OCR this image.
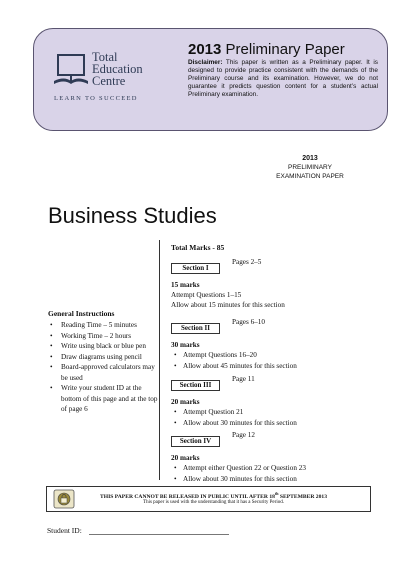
Total
Education
Centre
LEARN TO SUCCEED
2013 Preliminary Paper
Disclaimer: This paper is written as a Preliminary paper. It is designed to provide practice consistent with the demands of the Preliminary course and its examination. However, we do not guarantee it predicts question content for a student’s actual Preliminary examination.
2013
PRELIMINARY
EXAMINATION PAPER
Business Studies
General Instructions
• Reading Time – 5 minutes
• Working Time – 2 hours
• Write using black or blue pen
• Draw diagrams using pencil
• Board-approved calculators may be used
• Write your student ID at the bottom of this page and at the top of page 6
Total Marks - 85
Section I
Pages 2–5
15 marks
Attempt Questions 1–15
Allow about 15 minutes for this section
Section II
Pages 6–10
30 marks
• Attempt Questions 16–20
• Allow about 45 minutes for this section
Section III
Page 11
20 marks
• Attempt Question 21
• Allow about 30 minutes for this section
Section IV
Page 12
20 marks
• Attempt either Question 22 or Question 23
• Allow about 30 minutes for this section
THIS PAPER CANNOT BE RELEASED IN PUBLIC UNTIL AFTER 18th SEPTEMBER 2013
This paper is used with the understanding that it has a Security Period.
Student ID:
